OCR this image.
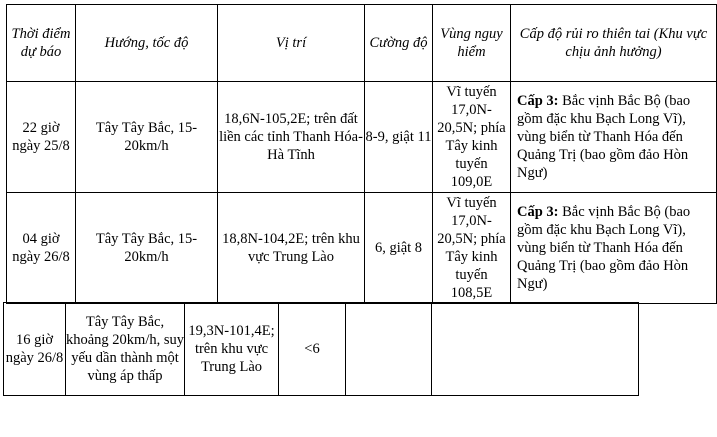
Thời điểm dự báo	Hướng, tốc độ	Vị trí	Cường độ	Vùng nguy hiểm	Cấp độ rủi ro thiên tai (Khu vực chịu ảnh hưởng)
22 giờ ngày 25/8	Tây Tây Bắc, 15- 20km/h	18,6N-105,2E; trên đất liền các tỉnh Thanh Hóa-Hà Tĩnh	8-9, giật 11	Vĩ tuyến 17,0N-20,5N; phía Tây kinh tuyến 109,0E	Cấp 3: Bắc vịnh Bắc Bộ (bao gồm đặc khu Bạch Long Vĩ), vùng biển từ Thanh Hóa đến Quảng Trị (bao gồm đảo Hòn Ngư)
04 giờ ngày 26/8	Tây Tây Bắc, 15- 20km/h	18,8N-104,2E; trên khu vực Trung Lào	6, giật 8	Vĩ tuyến 17,0N-20,5N; phía Tây kinh tuyến 108,5E	Cấp 3: Bắc vịnh Bắc Bộ (bao gồm đặc khu Bạch Long Vĩ), vùng biển từ Thanh Hóa đến Quảng Trị (bao gồm đảo Hòn Ngư)
16 giờ ngày 26/8	Tây Tây Bắc, khoảng 20km/h, suy yếu dần thành một vùng áp thấp	19,3N-101,4E; trên khu vực Trung Lào	<6		
